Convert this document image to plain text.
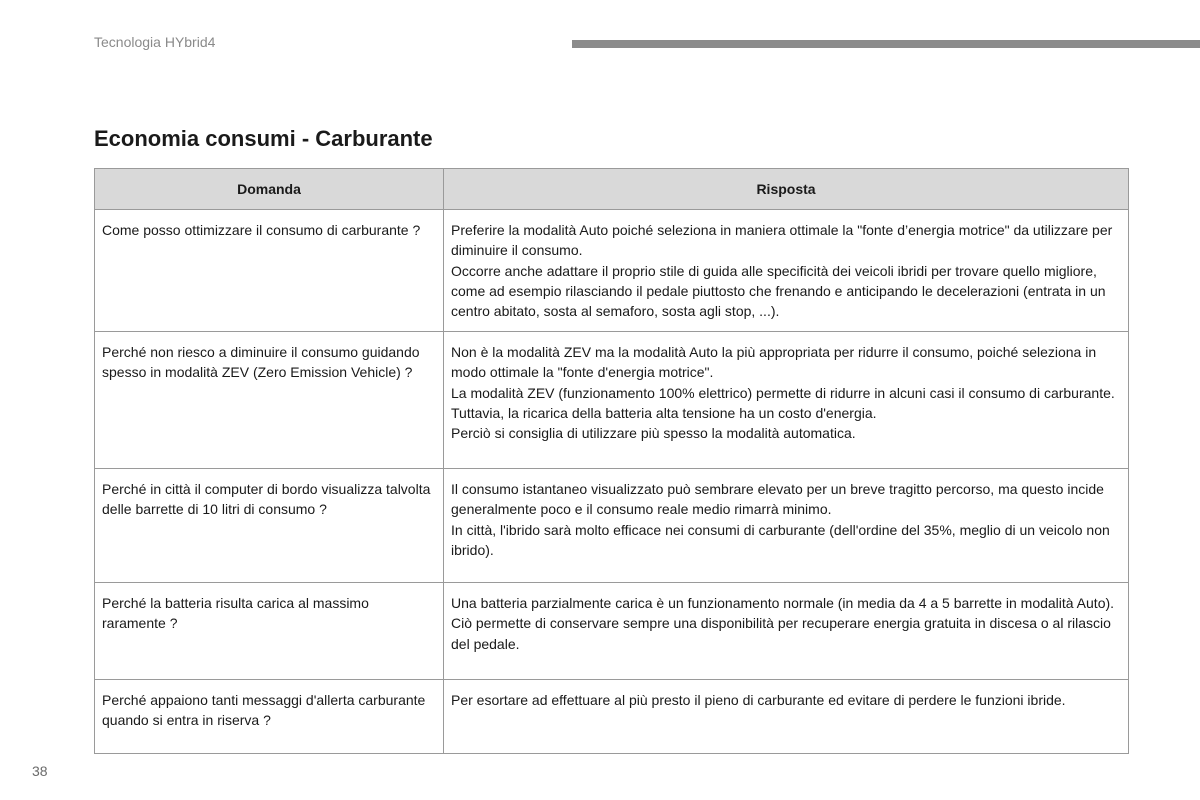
Tecnologia HYbrid4
Economia consumi - Carburante
Domanda	Risposta
Come posso ottimizzare il consumo di carburante ?	Preferire la modalità Auto poiché seleziona in maniera ottimale la "fonte d’energia motrice" da utilizzare per diminuire il consumo.

Occorre anche adattare il proprio stile di guida alle specificità dei veicoli ibridi per trovare quello migliore, come ad esempio rilasciando il pedale piuttosto che frenando e anticipando le decelerazioni (entrata in un centro abitato, sosta al semaforo, sosta agli stop, ...).

Perché non riesco a diminuire il consumo guidando spesso in modalità ZEV (Zero Emission Vehicle) ?	Non è la modalità ZEV ma la modalità Auto la più appropriata per ridurre il consumo, poiché seleziona in modo ottimale la "fonte d'energia motrice".

La modalità ZEV (funzionamento 100% elettrico) permette di ridurre in alcuni casi il consumo di carburante. Tuttavia, la ricarica della batteria alta tensione ha un costo d'energia.

Perciò si consiglia di utilizzare più spesso la modalità automatica.

Perché in città il computer di bordo visualizza talvolta delle barrette di 10 litri di consumo ?	Il consumo istantaneo visualizzato può sembrare elevato per un breve tragitto percorso, ma questo incide generalmente poco e il consumo reale medio rimarrà minimo.

In città, l'ibrido sarà molto efficace nei consumi di carburante (dell'ordine del 35%, meglio di un veicolo non ibrido).

Perché la batteria risulta carica al massimo raramente ?	Una batteria parzialmente carica è un funzionamento normale (in media da 4 a 5 barrette in modalità Auto).

Ciò permette di conservare sempre una disponibilità per recuperare energia gratuita in discesa o al rilascio del pedale.

Perché appaiono tanti messaggi d'allerta carburante quando si entra in riserva ?	Per esortare ad effettuare al più presto il pieno di carburante ed evitare di perdere le funzioni ibride.

38
